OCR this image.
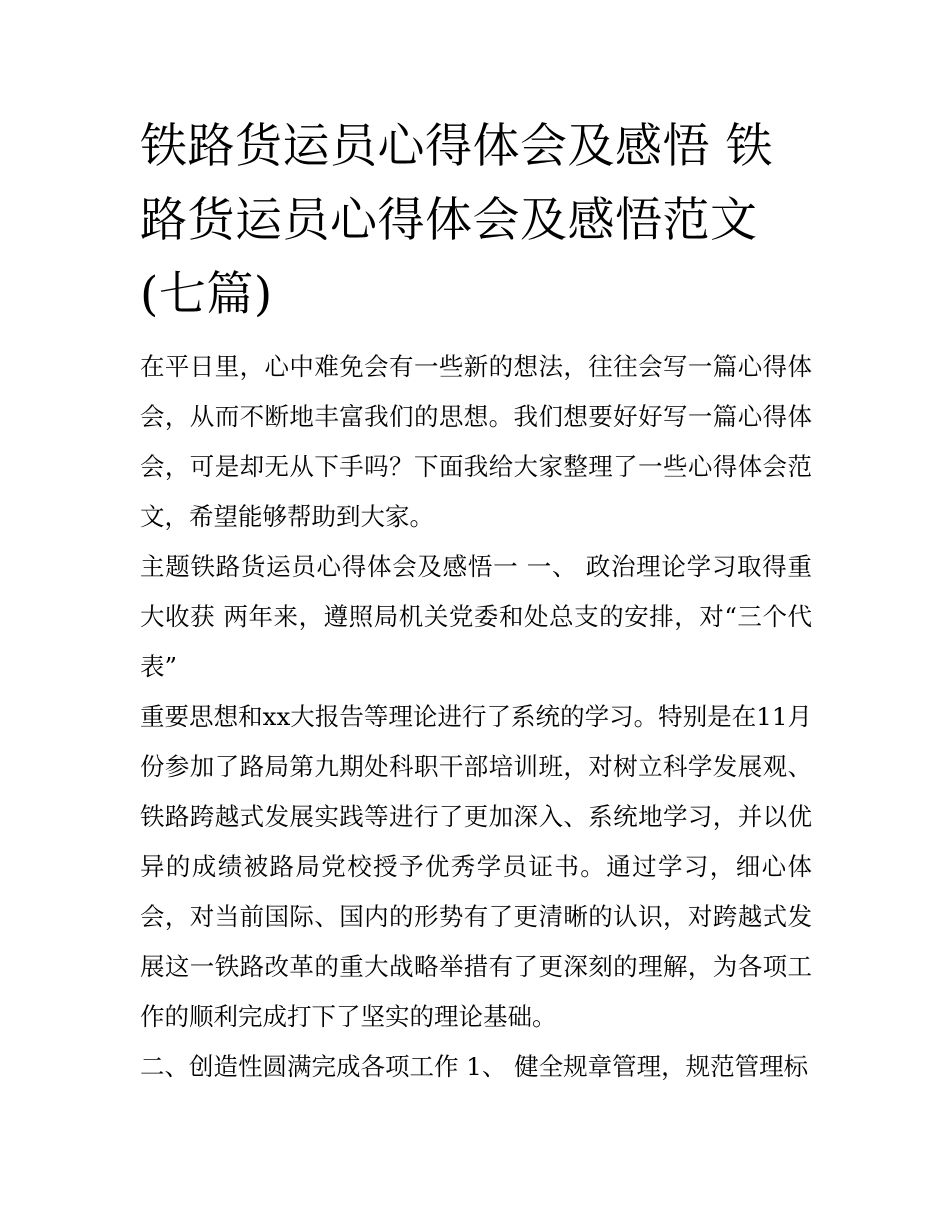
铁路货运员心得体会及感悟 铁路货运员心得体会及感悟范文(七篇)

在平日里，心中难免会有一些新的想法，往往会写一篇心得体会，从而不断地丰富我们的思想。我们想要好好写一篇心得体会，可是却无从下手吗？下面我给大家整理了一些心得体会范文，希望能够帮助到大家。

主题铁路货运员心得体会及感悟一 一、 政治理论学习取得重大收获 两年来，遵照局机关党委和处总支的安排，对“三个代表”

重要思想和xx大报告等理论进行了系统的学习。特别是在11月份参加了路局第九期处科职干部培训班，对树立科学发展观、铁路跨越式发展实践等进行了更加深入、系统地学习，并以优异的成绩被路局党校授予优秀学员证书。通过学习，细心体会，对当前国际、国内的形势有了更清晰的认识，对跨越式发展这一铁路改革的重大战略举措有了更深刻的理解，为各项工作的顺利完成打下了坚实的理论基础。

二、创造性圆满完成各项工作 1、 健全规章管理，规范管理标
